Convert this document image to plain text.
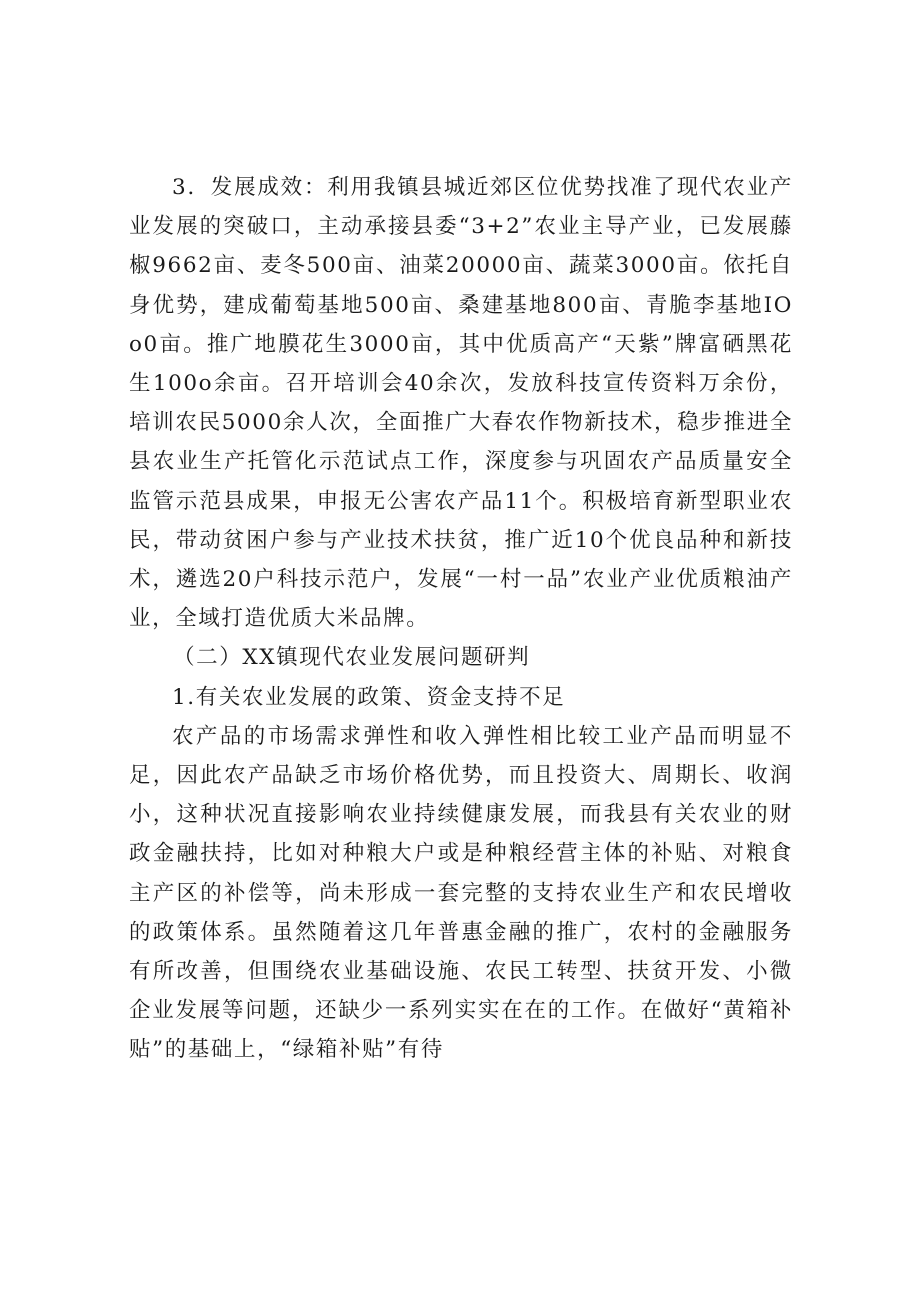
3．发展成效：利用我镇县城近郊区位优势找准了现代农业产业发展的突破口，主动承接县委“3+2”农业主导产业，已发展藤椒9662亩、麦冬500亩、油菜20000亩、蔬菜3000亩。依托自身优势，建成葡萄基地500亩、桑建基地800亩、青脆李基地IOo0亩。推广地膜花生3000亩，其中优质高产“天紫”牌富硒黑花生100o余亩。召开培训会40余次，发放科技宣传资料万余份，培训农民5000余人次，全面推广大春农作物新技术，稳步推进全县农业生产托管化示范试点工作，深度参与巩固农产品质量安全监管示范县成果，申报无公害农产品11个。积极培育新型职业农民，带动贫困户参与产业技术扶贫，推广近10个优良品种和新技术，遴选20户科技示范户，发展“一村一品”农业产业优质粮油产业，全域打造优质大米品牌。

（二）XX镇现代农业发展问题研判

1.有关农业发展的政策、资金支持不足

农产品的市场需求弹性和收入弹性相比较工业产品而明显不足，因此农产品缺乏市场价格优势，而且投资大、周期长、收润小，这种状况直接影响农业持续健康发展，而我县有关农业的财政金融扶持，比如对种粮大户或是种粮经营主体的补贴、对粮食主产区的补偿等，尚未形成一套完整的支持农业生产和农民增收的政策体系。虽然随着这几年普惠金融的推广，农村的金融服务有所改善，但围绕农业基础设施、农民工转型、扶贫开发、小微企业发展等问题，还缺少一系列实实在在的工作。在做好“黄箱补贴”的基础上，“绿箱补贴”有待
